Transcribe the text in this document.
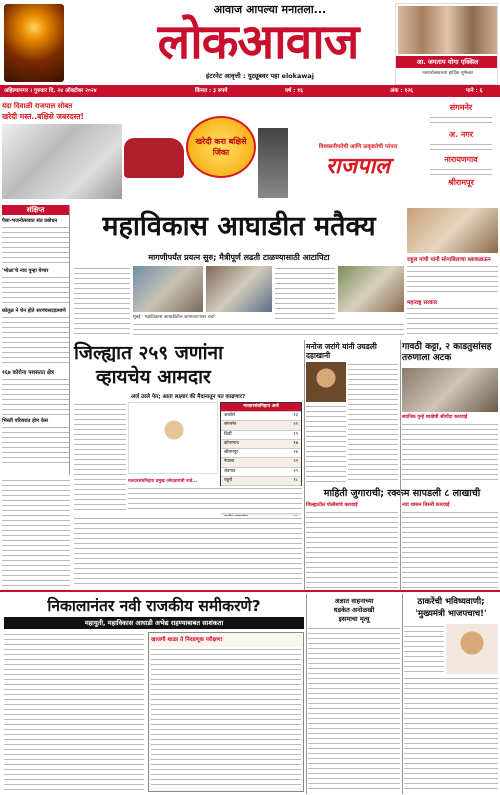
आवाज आपल्या मनातला...
लोकआवाज
इंटरनेट आवृत्ती : युट्यूबवर पहा elokawaj
आ. जगताप योगा एक्सिल
नवरात्रोत्सवाच्या हार्दिक शुभेच्छा
अहिल्यानगर । गुरुवार दि. २४ ऑक्टोबर २०२४	किंमत : ३ रुपये	वर्ष : १६	अंक : १२६	पाने : ६
यंदा दिवाळी राजपाल सोबत
खरेदी मस्त..बक्षिसे जबरदस्त!
खरेदी करा बक्षिसे जिंका
विश्वसनीयतेची आणि उत्कृष्टतेची परंपरा
राजपाल
संगमनेर
अ. नगर
नारायणगाव
श्रीरामपूर
संक्षिप्त
पैसा-भजनोत्सवात संत प्रबोधन
'भोळा'चे नाव पुन्हा येणार
कोतूळ ने चेन होते सरपंचसदाप्रमाणे
१६७ कोरोना पशसतत क्षेत्र
भिस्ती परिसरात होम केस
महाविकास आघाडीत मतैक्य
मागणीपर्यंत प्रयत्न सुरु; मैत्रीपूर्ण लढती टाळण्यासाठी आटापिटा
मुंबई : महाविकास आघाडीतील जागावाटपावर चर्चा
राहुल गांधी यांनी सोनाबिलाचा ब्लाकडाऊन
महाराष्ट्र सरकार
जिल्ह्यात २५९ जणांना
व्हायचेय आमदार
अर्ज उरले फेर; आता लक्ष्यार की मैदानातून पत काढणार?
मतदारसंघनिहाय अर्ज
अकोले	१३
संगमनेर	२१
शिर्डी	१९
कोपरगाव	१७
श्रीरामपूर	२४
नेवासा	२२
शेवगाव	२९
राहुरी	१८
मतदारसंघनिहाय प्रमुख उमेदवारांची नावे...
मनोज जरांगे यांनी उघडली दहाखानी
गावठी कट्टा, २ काडतुसांसह तरुणाला अटक
स्थानिक गुन्हे शाखेची श्रीगोंदा कारवाई
माहिती जुगाराची; रक्कम सापडली ८ लाखाची
जिल्ह्यातील पोलीसांचे कारवाई	नवा शासन तिसरी कारवाई
निकालानंतर नवी राजकीय समीकरणे?
महायुती, महाविकास आघाडी अभेद्य राहण्याबाबत साशंकता
खाजगी शाळा ते निवडणूक परीक्षण!
अज्ञात वाहनाच्या
धडकेत अनोळखी
इसमाचा मृत्यू
ठाकरेंची भविष्यवाणी;
'मुख्यमंत्री भाजपचाच!'
